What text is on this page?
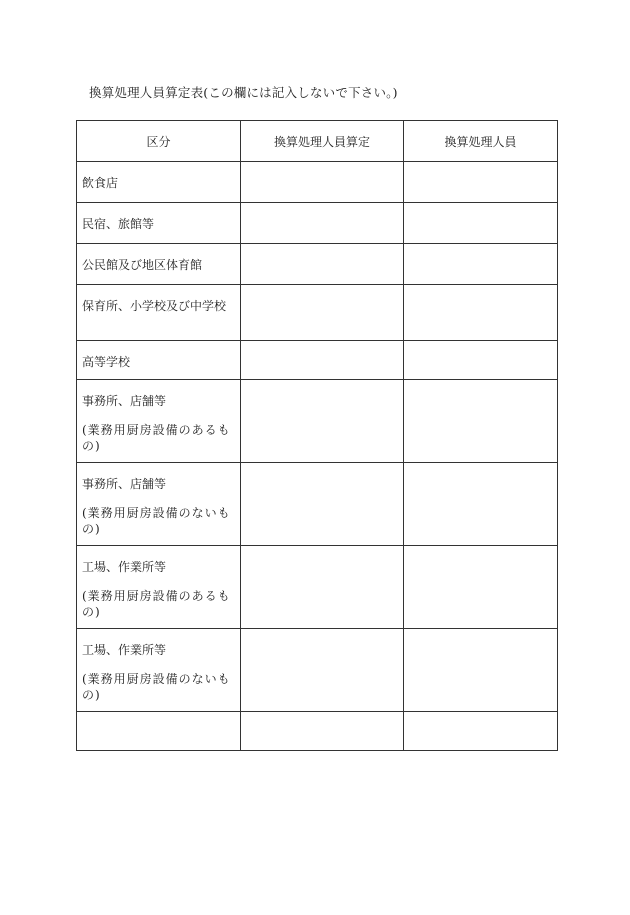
換算処理人員算定表(この欄には記入しないで下さい。)
区分	換算処理人員算定	換算処理人員

飲食店		

民宿、旅館等		

公民館及び地区体育館		

保育所、小学校及び中学校		

高等学校		

事務所、店舗等
(業務用厨房設備のあるもの)		

事務所、店舗等
(業務用厨房設備のないもの)		

工場、作業所等
(業務用厨房設備のあるもの)		

工場、作業所等
(業務用厨房設備のないもの)		
